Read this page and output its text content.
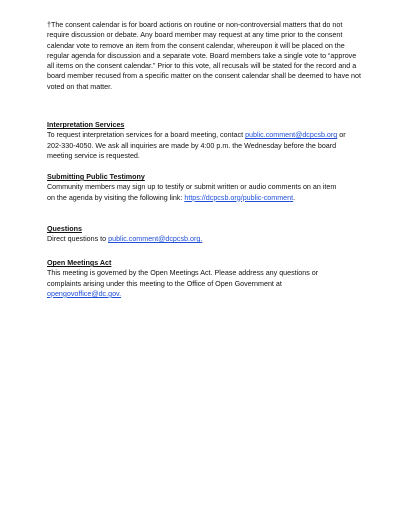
†The consent calendar is for board actions on routine or non-controversial matters that do not
require discussion or debate. Any board member may request at any time prior to the consent
calendar vote to remove an item from the consent calendar, whereupon it will be placed on the
regular agenda for discussion and a separate vote. Board members take a single vote to “approve
all items on the consent calendar.” Prior to this vote, all recusals will be stated for the record and a
board member recused from a specific matter on the consent calendar shall be deemed to have not
voted on that matter.
Interpretation Services
To request interpretation services for a board meeting, contact public.comment@dcpcsb.org or
202-330-4050. We ask all inquiries are made by 4:00 p.m. the Wednesday before the board
meeting service is requested.
Submitting Public Testimony
Community members may sign up to testify or submit written or audio comments on an item
on the agenda by visiting the following link: https://dcpcsb.org/public-comment.
Questions
Direct questions to public.comment@dcpcsb.org.
Open Meetings Act
This meeting is governed by the Open Meetings Act. Please address any questions or
complaints arising under this meeting to the Office of Open Government at
opengovoffice@dc.gov.
